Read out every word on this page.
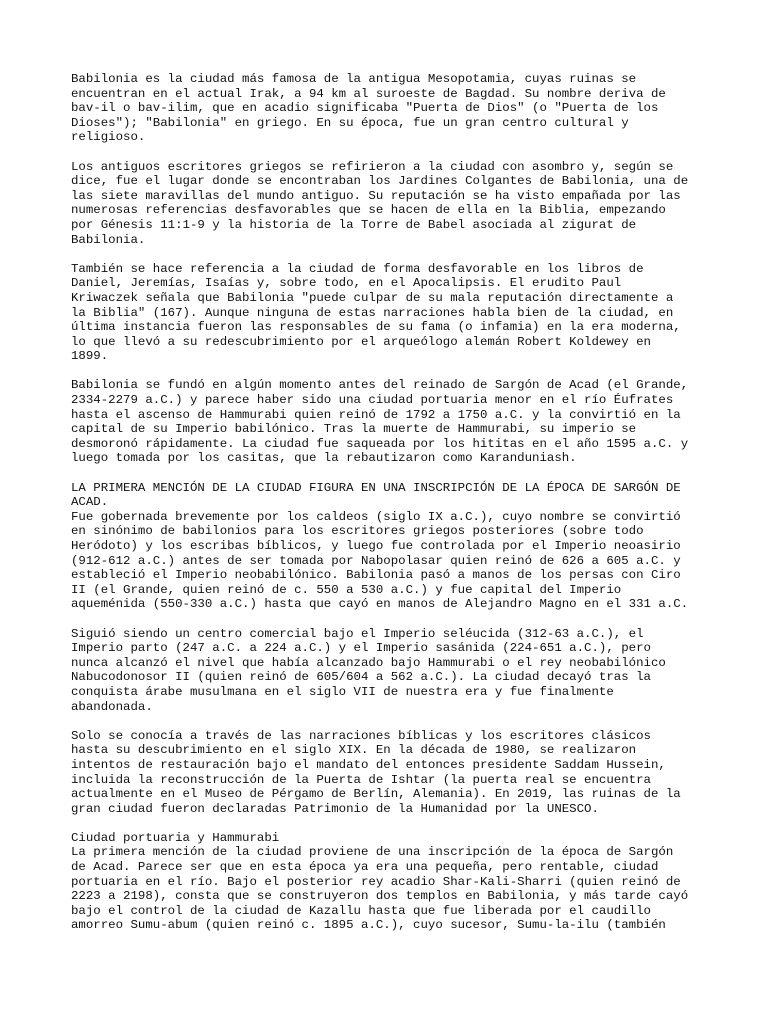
Babilonia es la ciudad más famosa de la antigua Mesopotamia, cuyas ruinas se
encuentran en el actual Irak, a 94 km al suroeste de Bagdad. Su nombre deriva de
bav-il o bav-ilim, que en acadio significaba "Puerta de Dios" (o "Puerta de los
Dioses"); "Babilonia" en griego. En su época, fue un gran centro cultural y
religioso.

Los antiguos escritores griegos se refirieron a la ciudad con asombro y, según se
dice, fue el lugar donde se encontraban los Jardines Colgantes de Babilonia, una de
las siete maravillas del mundo antiguo. Su reputación se ha visto empañada por las
numerosas referencias desfavorables que se hacen de ella en la Biblia, empezando
por Génesis 11:1-9 y la historia de la Torre de Babel asociada al zigurat de
Babilonia.

También se hace referencia a la ciudad de forma desfavorable en los libros de
Daniel, Jeremías, Isaías y, sobre todo, en el Apocalipsis. El erudito Paul
Kriwaczek señala que Babilonia "puede culpar de su mala reputación directamente a
la Biblia" (167). Aunque ninguna de estas narraciones habla bien de la ciudad, en
última instancia fueron las responsables de su fama (o infamia) en la era moderna,
lo que llevó a su redescubrimiento por el arqueólogo alemán Robert Koldewey en
1899.

Babilonia se fundó en algún momento antes del reinado de Sargón de Acad (el Grande,
2334-2279 a.C.) y parece haber sido una ciudad portuaria menor en el río Éufrates
hasta el ascenso de Hammurabi quien reinó de 1792 a 1750 a.C. y la convirtió en la
capital de su Imperio babilónico. Tras la muerte de Hammurabi, su imperio se
desmoronó rápidamente. La ciudad fue saqueada por los hititas en el año 1595 a.C. y
luego tomada por los casitas, que la rebautizaron como Karanduniash.

LA PRIMERA MENCIÓN DE LA CIUDAD FIGURA EN UNA INSCRIPCIÓN DE LA ÉPOCA DE SARGÓN DE
ACAD.
Fue gobernada brevemente por los caldeos (siglo IX a.C.), cuyo nombre se convirtió
en sinónimo de babilonios para los escritores griegos posteriores (sobre todo
Heródoto) y los escribas bíblicos, y luego fue controlada por el Imperio neoasirio
(912-612 a.C.) antes de ser tomada por Nabopolasar quien reinó de 626 a 605 a.C. y
estableció el Imperio neobabilónico. Babilonia pasó a manos de los persas con Ciro
II (el Grande, quien reinó de c. 550 a 530 a.C.) y fue capital del Imperio
aqueménida (550-330 a.C.) hasta que cayó en manos de Alejandro Magno en el 331 a.C.

Siguió siendo un centro comercial bajo el Imperio seléucida (312-63 a.C.), el
Imperio parto (247 a.C. a 224 a.C.) y el Imperio sasánida (224-651 a.C.), pero
nunca alcanzó el nivel que había alcanzado bajo Hammurabi o el rey neobabilónico
Nabucodonosor II (quien reinó de 605/604 a 562 a.C.). La ciudad decayó tras la
conquista árabe musulmana en el siglo VII de nuestra era y fue finalmente
abandonada.

Solo se conocía a través de las narraciones bíblicas y los escritores clásicos
hasta su descubrimiento en el siglo XIX. En la década de 1980, se realizaron
intentos de restauración bajo el mandato del entonces presidente Saddam Hussein,
incluida la reconstrucción de la Puerta de Ishtar (la puerta real se encuentra
actualmente en el Museo de Pérgamo de Berlín, Alemania). En 2019, las ruinas de la
gran ciudad fueron declaradas Patrimonio de la Humanidad por la UNESCO.

Ciudad portuaria y Hammurabi
La primera mención de la ciudad proviene de una inscripción de la época de Sargón
de Acad. Parece ser que en esta época ya era una pequeña, pero rentable, ciudad
portuaria en el río. Bajo el posterior rey acadio Shar-Kali-Sharri (quien reinó de
2223 a 2198), consta que se construyeron dos templos en Babilonia, y más tarde cayó
bajo el control de la ciudad de Kazallu hasta que fue liberada por el caudillo
amorreo Sumu-abum (quien reinó c. 1895 a.C.), cuyo sucesor, Sumu-la-ilu (también
